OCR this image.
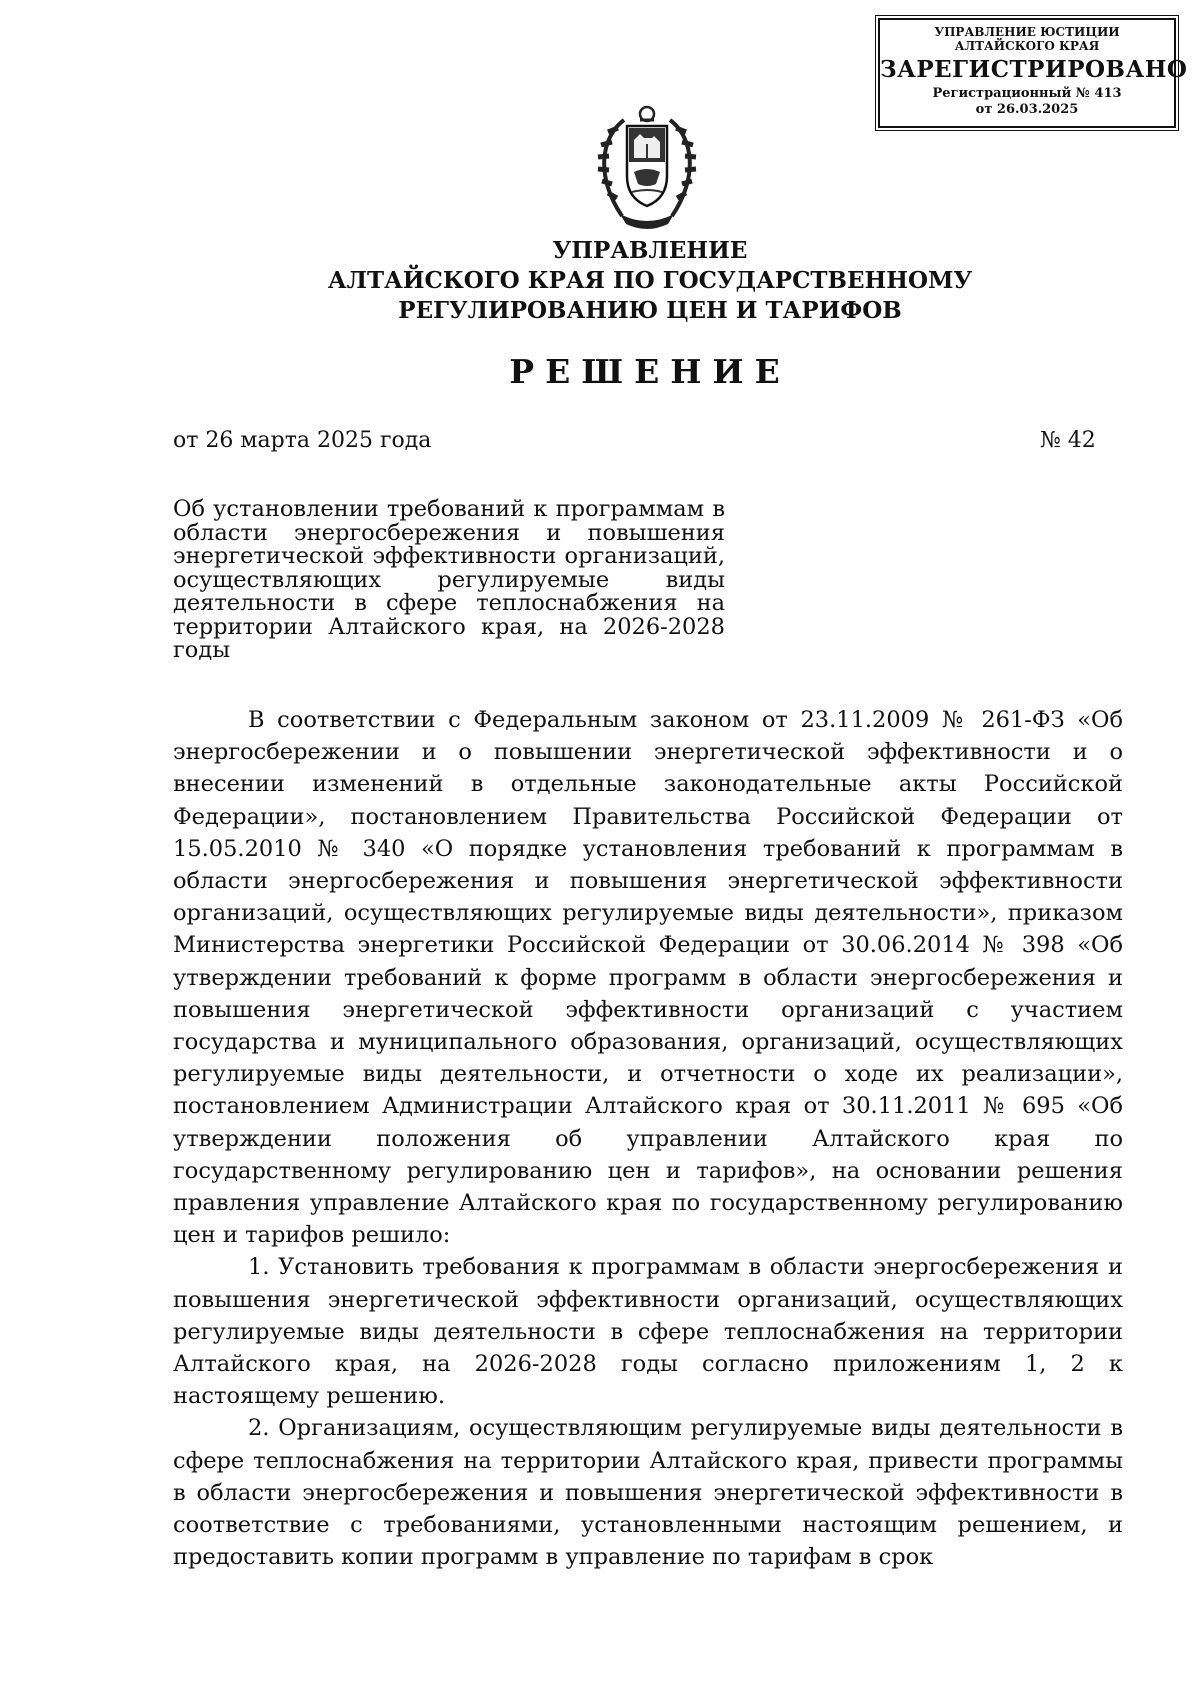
УПРАВЛЕНИЕ ЮСТИЦИИ
АЛТАЙСКОГО КРАЯ
ЗАРЕГИСТРИРОВАНО
Регистрационный № 413
от 26.03.2025
УПРАВЛЕНИЕ
АЛТАЙСКОГО КРАЯ ПО ГОСУДАРСТВЕННОМУ
РЕГУЛИРОВАНИЮ ЦЕН И ТАРИФОВ
РЕШЕНИЕ
от 26 марта 2025 года	№ 42
Об установлении требований к программам в области энергосбережения и повышения энергетической эффективности организаций, осуществляющих регулируемые виды деятельности в сфере теплоснабжения на территории Алтайского края, на 2026-2028 годы

В соответствии с Федеральным законом от 23.11.2009 № 261-ФЗ «Об энергосбережении и о повышении энергетической эффективности и о внесении изменений в отдельные законодательные акты Российской Федерации», постановлением Правительства Российской Федерации от 15.05.2010 № 340 «О порядке установления требований к программам в области энергосбережения и повышения энергетической эффективности организаций, осуществляющих регулируемые виды деятельности», приказом Министерства энергетики Российской Федерации от 30.06.2014 № 398 «Об утверждении требований к форме программ в области энергосбережения и повышения энергетической эффективности организаций с участием государства и муниципального образования, организаций, осуществляющих регулируемые виды деятельности, и отчетности о ходе их реализации», постановлением Администрации Алтайского края от 30.11.2011 № 695 «Об утверждении положения об управлении Алтайского края по государственному регулированию цен и тарифов», на основании решения правления управление Алтайского края по государственному регулированию цен и тарифов решило:

1. Установить требования к программам в области энергосбережения и повышения энергетической эффективности организаций, осуществляющих регулируемые виды деятельности в сфере теплоснабжения на территории Алтайского края, на 2026-2028 годы согласно приложениям 1, 2 к настоящему решению.

2. Организациям, осуществляющим регулируемые виды деятельности в сфере теплоснабжения на территории Алтайского края, привести программы в области энергосбережения и повышения энергетической эффективности в соответствие с требованиями, установленными настоящим решением, и предоставить копии программ в управление по тарифам в срок
